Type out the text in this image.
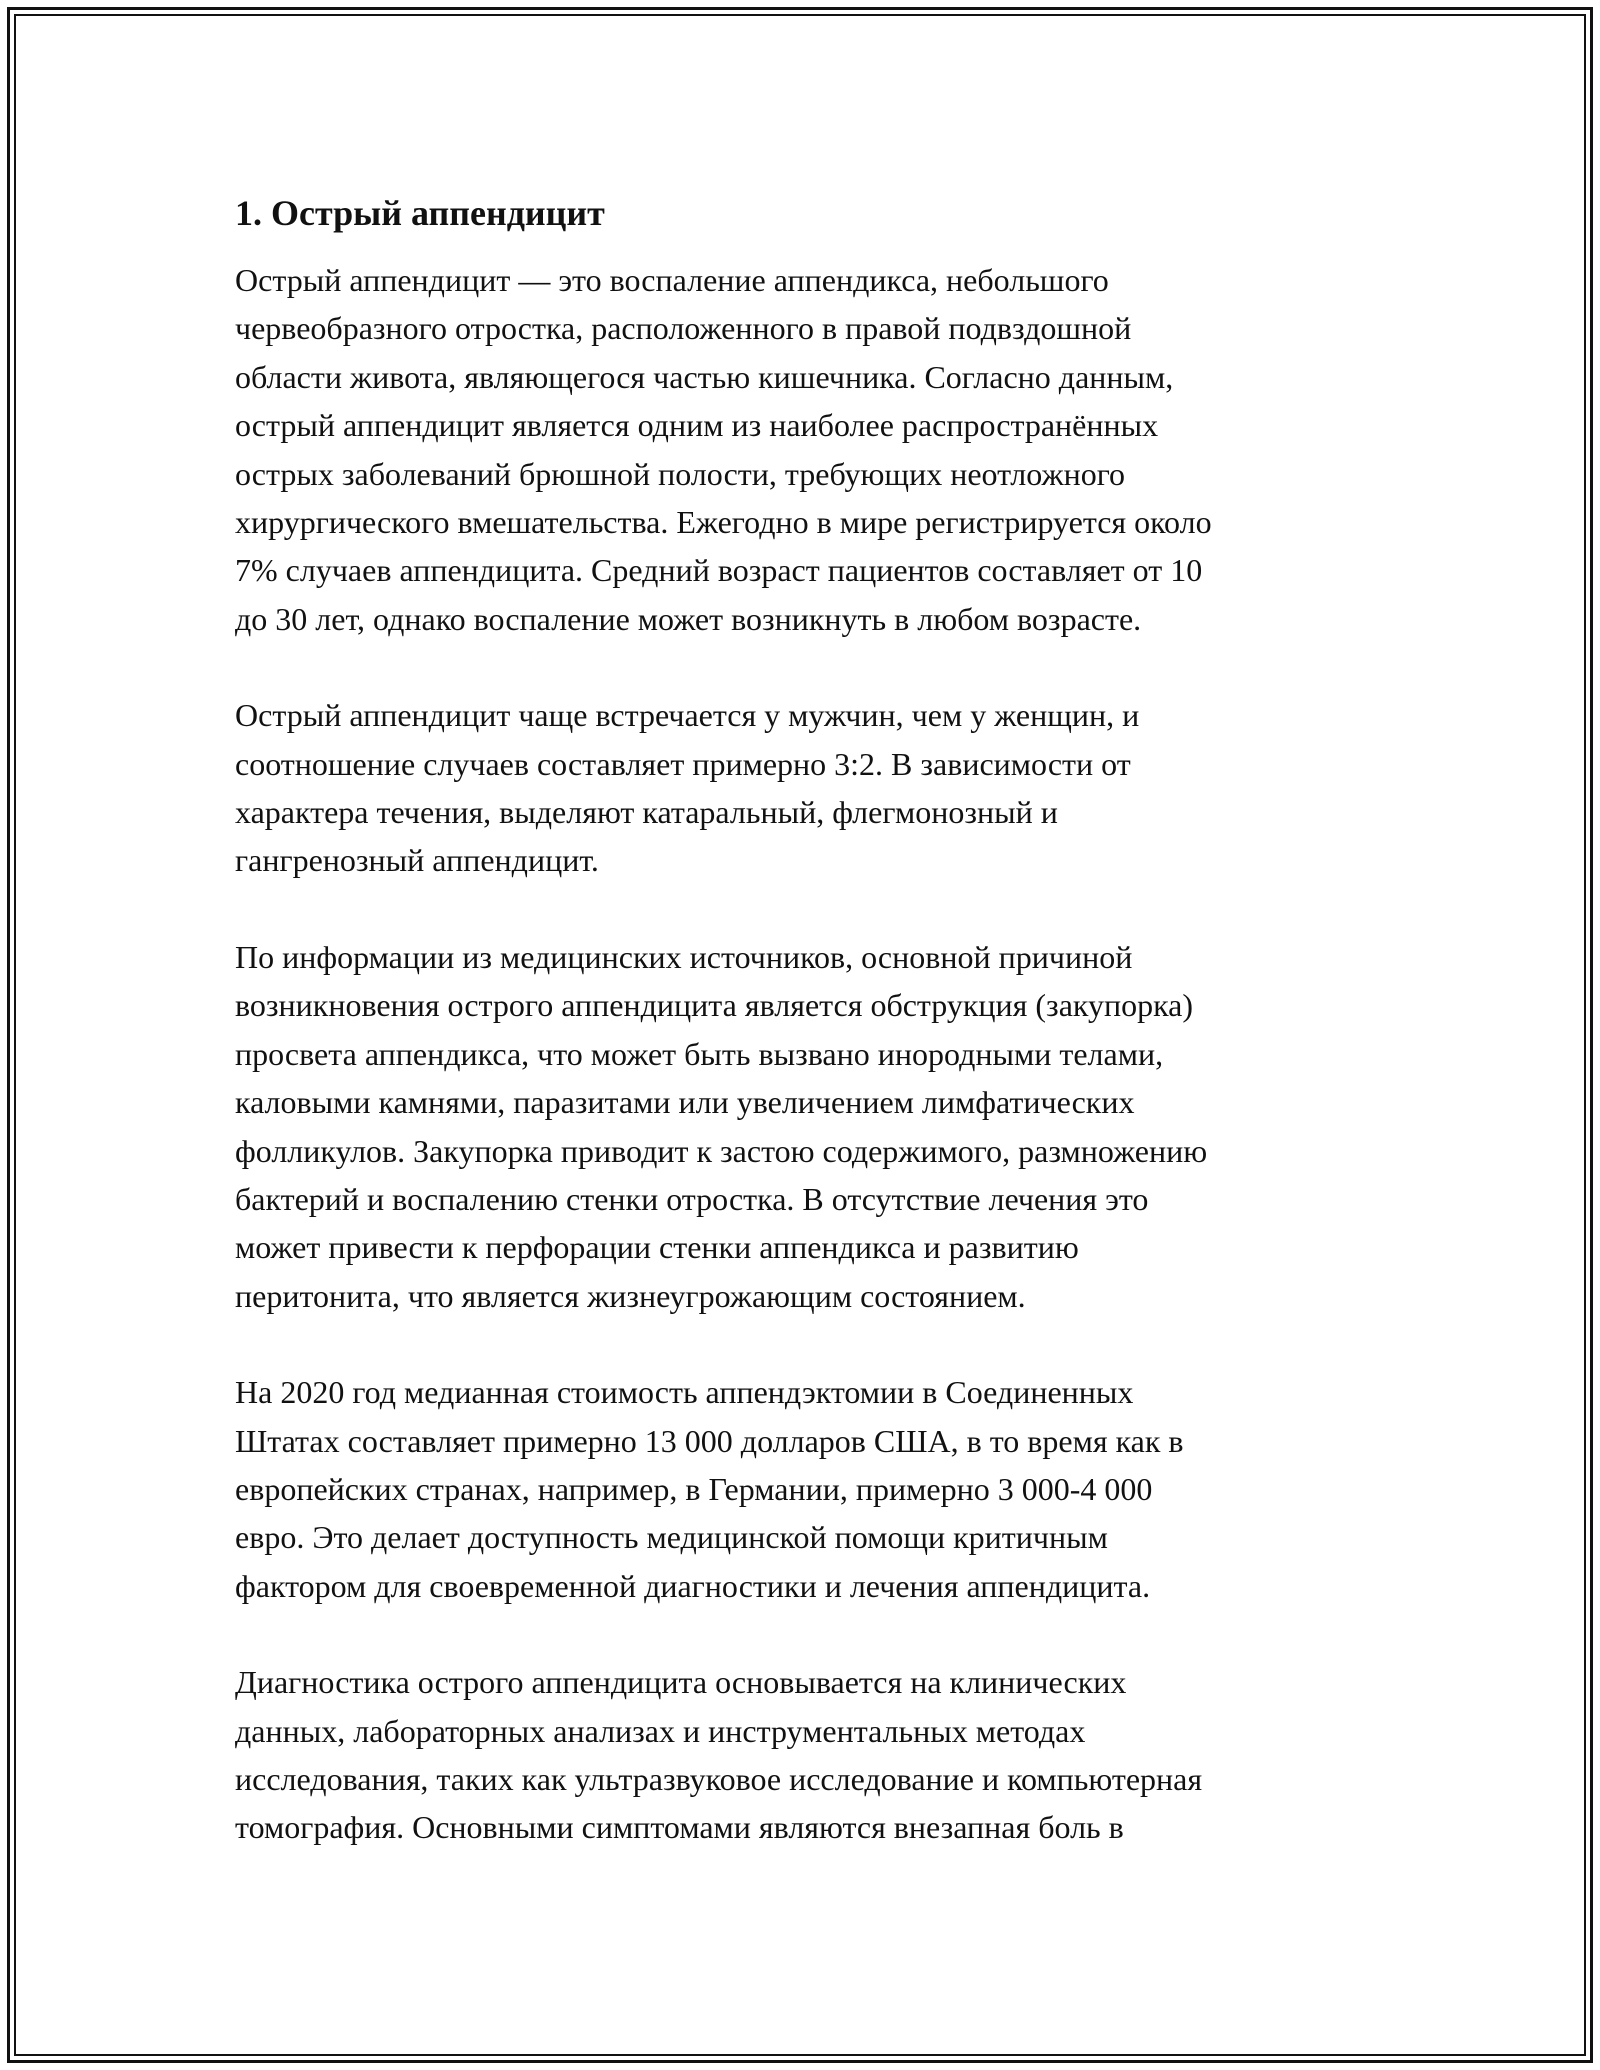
1. Острый аппендицит

Острый аппендицит — это воспаление аппендикса, небольшого
червеобразного отростка, расположенного в правой подвздошной
области живота, являющегося частью кишечника. Согласно данным,
острый аппендицит является одним из наиболее распространённых
острых заболеваний брюшной полости, требующих неотложного
хирургического вмешательства. Ежегодно в мире регистрируется около
7% случаев аппендицита. Средний возраст пациентов составляет от 10
до 30 лет, однако воспаление может возникнуть в любом возрасте.

Острый аппендицит чаще встречается у мужчин, чем у женщин, и
соотношение случаев составляет примерно 3:2. В зависимости от
характера течения, выделяют катаральный, флегмонозный и
гангренозный аппендицит.

По информации из медицинских источников, основной причиной
возникновения острого аппендицита является обструкция (закупорка)
просвета аппендикса, что может быть вызвано инородными телами,
каловыми камнями, паразитами или увеличением лимфатических
фолликулов. Закупорка приводит к застою содержимого, размножению
бактерий и воспалению стенки отростка. В отсутствие лечения это
может привести к перфорации стенки аппендикса и развитию
перитонита, что является жизнеугрожающим состоянием.

На 2020 год медианная стоимость аппендэктомии в Соединенных
Штатах составляет примерно 13 000 долларов США, в то время как в
европейских странах, например, в Германии, примерно 3 000-4 000
евро. Это делает доступность медицинской помощи критичным
фактором для своевременной диагностики и лечения аппендицита.

Диагностика острого аппендицита основывается на клинических
данных, лабораторных анализах и инструментальных методах
исследования, таких как ультразвуковое исследование и компьютерная
томография. Основными симптомами являются внезапная боль в
